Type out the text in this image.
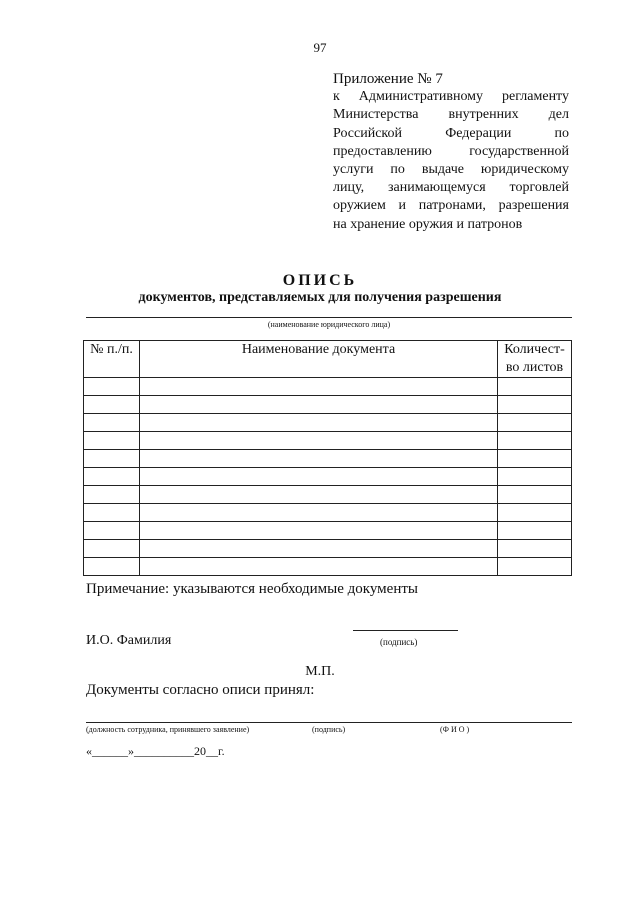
97
Приложение № 7
к Административному регламенту
Министерства внутренних дел
Российской Федерации по
предоставлению государственной
услуги по выдаче юридическому
лицу, занимающемуся торговлей
оружием и патронами, разрешения
на хранение оружия и патронов
ОПИСЬ
документов, представляемых для получения разрешения
(наименование юридического лица)
№ п./п.	Наименование документа	Количест-
во листов

Примечание: указываются необходимые документы
И.О. Фамилия	(подпись)
М.П.
Документы согласно описи принял:
(должность сотрудника, принявшего заявление)	(подпись)	(Ф И О )
«______»__________20__г.
